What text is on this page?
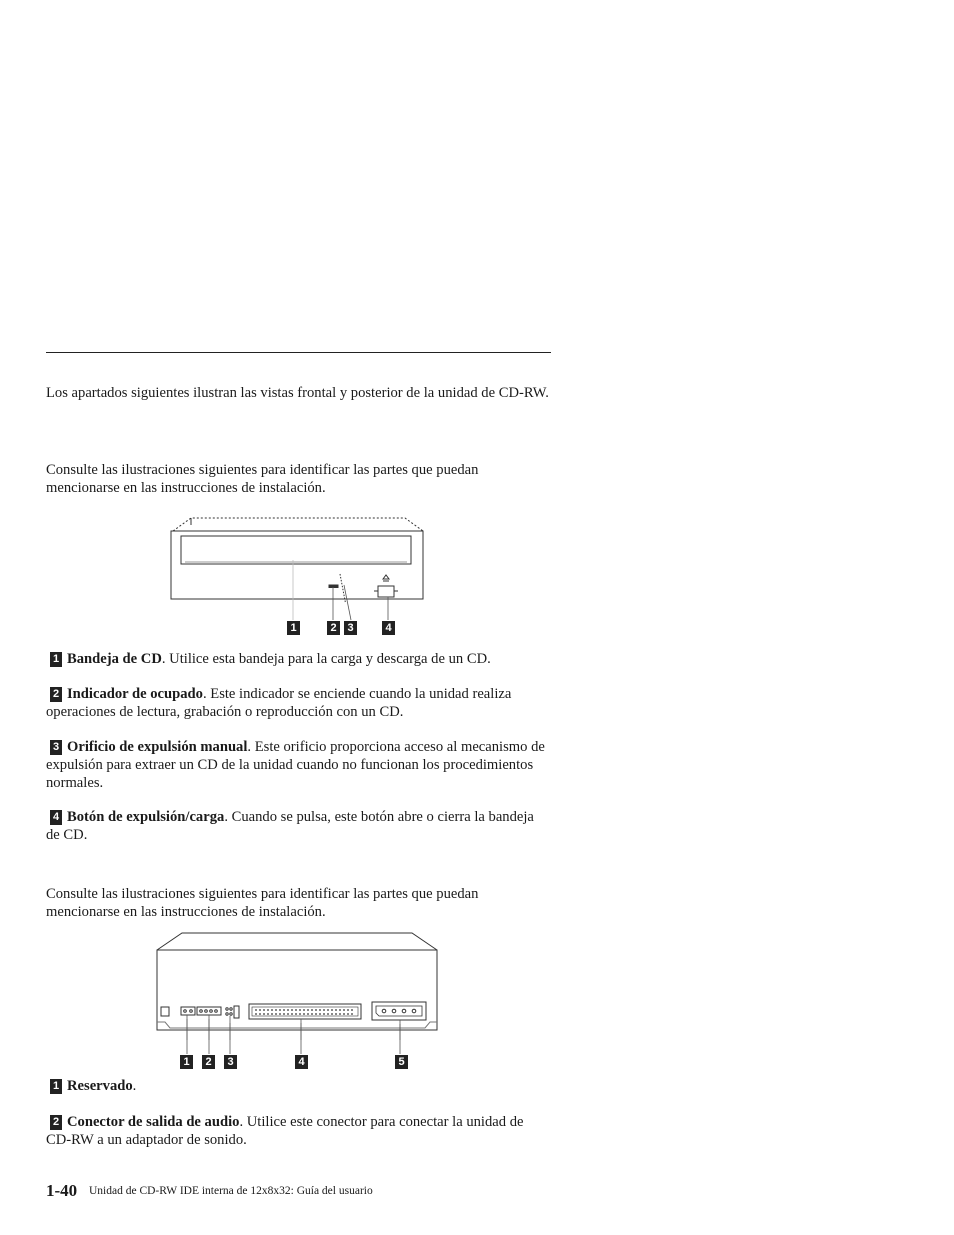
Los apartados siguientes ilustran las vistas frontal y posterior de la unidad de CD-RW.

Consulte las ilustraciones siguientes para identificar las partes que puedan mencionarse en las instrucciones de instalación.

1	2 3	4

1 Bandeja de CD. Utilice esta bandeja para la carga y descarga de un CD.

2 Indicador de ocupado. Este indicador se enciende cuando la unidad realiza operaciones de lectura, grabación o reproducción con un CD.

3 Orificio de expulsión manual. Este orificio proporciona acceso al mecanismo de expulsión para extraer un CD de la unidad cuando no funcionan los procedimientos normales.

4 Botón de expulsión/carga. Cuando se pulsa, este botón abre o cierra la bandeja de CD.

Consulte las ilustraciones siguientes para identificar las partes que puedan mencionarse en las instrucciones de instalación.

1	2	3	4	5

1 Reservado.

2 Conector de salida de audio. Utilice este conector para conectar la unidad de CD-RW a un adaptador de sonido.

1-40 Unidad de CD-RW IDE interna de 12x8x32: Guía del usuario
